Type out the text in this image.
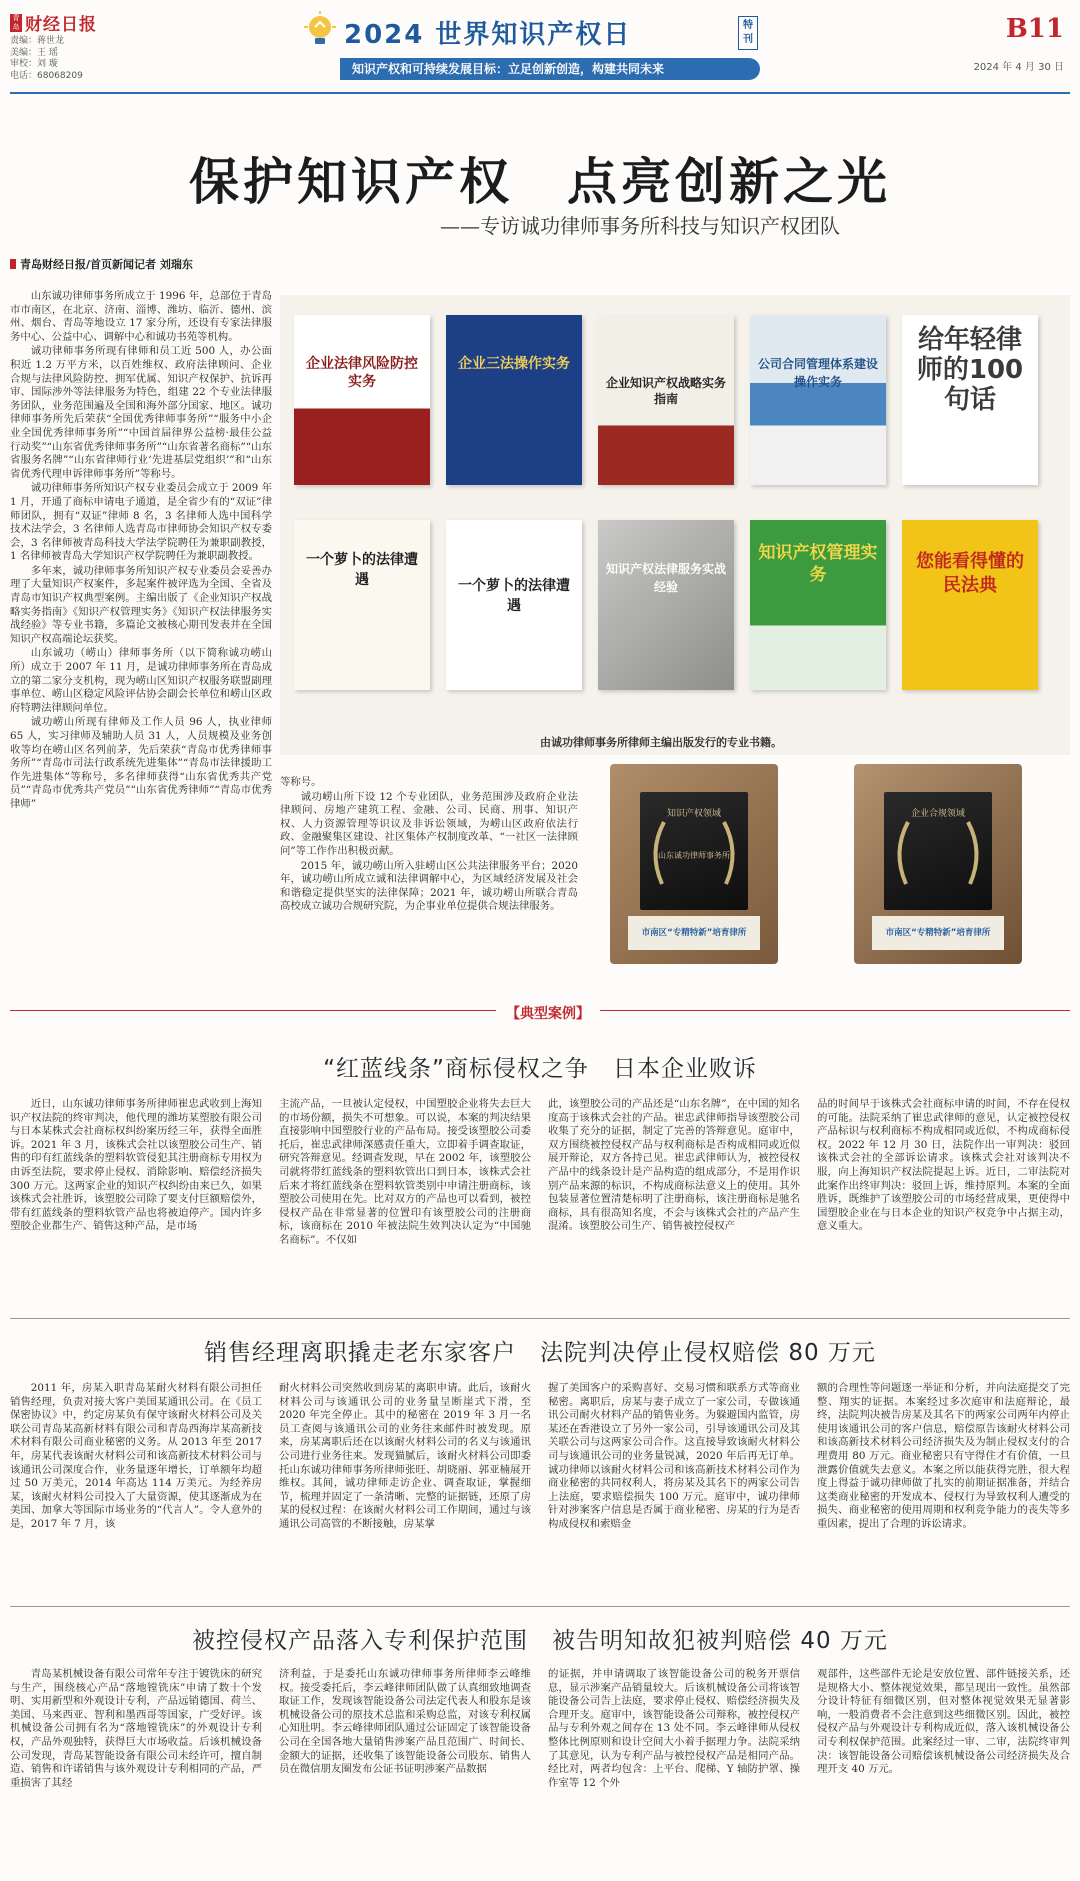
青岛 财经日报
责编：蒋世龙
美编：王 瑶
审校：刘 璇
电话：68068209
2024 世界知识产权日	特刊
知识产权和可持续发展目标：立足创新创造，构建共同未来
B11
2024 年 4 月 30 日
保护知识产权　点亮创新之光
——专访诚功律师事务所科技与知识产权团队
青岛财经日报/首页新闻记者 刘瑞东

山东诚功律师事务所成立于 1996 年，总部位于青岛市市南区，在北京、济南、淄博、潍坊、临沂、德州、滨州、烟台、青岛等地设立 17 家分所，还设有专家法律服务中心、公益中心、调解中心和诚功书苑等机构。

诚功律师事务所现有律师和员工近 500 人，办公面积近 1.2 万平方米，以百姓维权、政府法律顾问、企业合规与法律风险防控、拥军优属、知识产权保护、抗诉再审、国际涉外等法律服务为特色，组建 22 个专业法律服务团队，业务范围遍及全国和海外部分国家、地区。诚功律师事务所先后荣获“全国优秀律师事务所”“服务中小企业全国优秀律师事务所”“中国首届律界公益榜·最佳公益行动奖”“山东省优秀律师事务所”“山东省著名商标”“山东省服务名牌”“山东省律师行业‘先进基层党组织’”和“山东省优秀代理申诉律师事务所”等称号。

诚功律师事务所知识产权专业委员会成立于 2009 年 1 月，开通了商标申请电子通道，是全省少有的“双证”律师团队，拥有“双证”律师 8 名，3 名律师人选中国科学技术法学会，3 名律师人选青岛市律师协会知识产权专委会，3 名律师被青岛科技大学法学院聘任为兼职副教授，1 名律师被青岛大学知识产权学院聘任为兼职副教授。

多年来，诚功律师事务所知识产权专业委员会妥善办理了大量知识产权案件，多起案件被评选为全国、全省及青岛市知识产权典型案例。主编出版了《企业知识产权战略实务指南》《知识产权管理实务》《知识产权法律服务实战经验》等专业书籍，多篇论文被核心期刊发表并在全国知识产权高端论坛获奖。

山东诚功（崂山）律师事务所（以下简称诚功崂山所）成立于 2007 年 11 月，是诚功律师事务所在青岛成立的第二家分支机构，现为崂山区知识产权服务联盟副理事单位、崂山区稳定风险评估协会副会长单位和崂山区政府特聘法律顾问单位。

诚功崂山所现有律师及工作人员 96 人，执业律师 65 人，实习律师及辅助人员 31 人，人员规模及业务创收等均在崂山区名列前茅，先后荣获“青岛市优秀律师事务所”“青岛市司法行政系统先进集体”“青岛市法律援助工作先进集体”等称号，多名律师获得“山东省优秀共产党员”“青岛市优秀共产党员”“山东省优秀律师”“青岛市优秀律师”

企业法律风险防控实务
企业三法操作实务
企业知识产权战略实务指南
公司合同管理体系建设操作实务
给年轻律师的100句话
一个萝卜的法律遭遇	一个萝卜的法律遭遇
知识产权法律服务实战经验
知识产权管理实务
您能看得懂的民法典
由诚功律师事务所律师主编出版发行的专业书籍。

等称号。

诚功崂山所下设 12 个专业团队，业务范围涉及政府企业法律顾问、房地产建筑工程、金融、公司、民商、刑事、知识产权、人力资源管理等识议及非诉讼领域，为崂山区政府依法行政、金融聚集区建设、社区集体产权制度改革、“一社区一法律顾问”等工作作出积极贡献。

2015 年，诚功崂山所入驻崂山区公共法律服务平台；2020 年，诚功崂山所成立诚和法律调解中心，为区域经济发展及社会和谐稳定提供坚实的法律保障；2021 年，诚功崂山所联合青岛高校成立诚功合规研究院，为企事业单位提供合规法律服务。

知识产权领域
山东诚功律师事务所
市南区“专精特新”培育律所
企业合规领域
市南区“专精特新”培育律所
【典型案例】
“红蓝线条”商标侵权之争　日本企业败诉

近日，山东诚功律师事务所律师崔忠武收到上海知识产权法院的终审判决，他代理的潍坊某塑胶有限公司与日本某株式会社商标权纠纷案历经三年，获得全面胜诉。2021 年 3 月，该株式会社以该塑胶公司生产、销售的印有红蓝线条的塑料软管侵犯其注册商标专用权为由诉至法院，要求停止侵权、消除影响、赔偿经济损失 300 万元。这两家企业的知识产权纠纷由来已久，如果该株式会社胜诉，该塑胶公司除了要支付巨额赔偿外，带有红蓝线条的塑料软管产品也将被迫停产。国内许多塑胶企业都生产、销售这种产品，是市场

主流产品，一旦被认定侵权，中国塑胶企业将失去巨大的市场份额，损失不可想象。可以说，本案的判决结果直接影响中国塑胶行业的产品布局。接受该塑胶公司委托后，崔忠武律师深感责任重大，立即着手调查取证，研究答辩意见。经调查发现，早在 2002 年，该塑胶公司就将带红蓝线条的塑料软管出口到日本，该株式会社后来才将红蓝线条在塑料软管类别中申请注册商标，该塑胶公司使用在先。比对双方的产品也可以看到，被控侵权产品在非常显著的位置印有该塑胶公司的注册商标，该商标在 2010 年被法院生效判决认定为“中国驰名商标”。不仅如

此，该塑胶公司的产品还是“山东名牌”，在中国的知名度高于该株式会社的产品。崔忠武律师指导该塑胶公司收集了充分的证据，制定了完善的答辩意见。庭审中，双方围绕被控侵权产品与权利商标是否构成相同或近似展开辩论，双方各持己见。崔忠武律师认为，被控侵权产品中的线条设计是产品构造的组成部分，不是用作识别产品来源的标识，不构成商标法意义上的使用。其外包装显著位置清楚标明了注册商标，该注册商标是驰名商标，具有很高知名度，不会与该株式会社的产品产生混淆。该塑胶公司生产、销售被控侵权产

品的时间早于该株式会社商标申请的时间，不存在侵权的可能。法院采纳了崔忠武律师的意见，认定被控侵权产品标识与权利商标不构成相同或近似，不构成商标侵权。2022 年 12 月 30 日，法院作出一审判决：驳回该株式会社的全部诉讼请求。该株式会社对该判决不服，向上海知识产权法院提起上诉。近日，二审法院对此案作出终审判决：驳回上诉，维持原判。本案的全面胜诉，既维护了该塑胶公司的市场经营成果，更使得中国塑胶企业在与日本企业的知识产权竞争中占据主动，意义重大。

销售经理离职撬走老东家客户　法院判决停止侵权赔偿 80 万元

2011 年，房某入职青岛某耐火材料有限公司担任销售经理，负责对接大客户美国某通讯公司。在《员工保密协议》中，约定房某负有保守该耐火材料公司及关联公司青岛某高新材料有限公司和青岛西海岸某高新技术材料有限公司商业秘密的义务。从 2013 年至 2017 年，房某代表该耐火材料公司和该高新技术材料公司与该通讯公司深度合作，业务量逐年增长，订单额年均超过 50 万美元，2014 年高达 114 万美元。为经养房某，该耐火材料公司投入了大量资源，使其逐渐成为在美国、加拿大等国际市场业务的“代言人”。令人意外的是，2017 年 7 月，该

耐火材料公司突然收到房某的离职申请。此后，该耐火材料公司与该通讯公司的业务量呈断崖式下滑，至 2020 年完全停止。其中的秘密在 2019 年 3 月一名员工查阅与该通讯公司的业务往来邮件时被发现。原来，房某离职后还在以该耐火材料公司的名义与该通讯公司进行业务往来。发现猫腻后，该耐火材料公司即委托山东诚功律师事务所律师张旺、胡晓丽、郭亚楠展开维权。其间，诚功律师走访企业、调查取证，掌握细节，梳理并固定了一条清晰、完整的证据链，还原了房某的侵权过程：在该耐火材料公司工作期间，通过与该通讯公司高管的不断接触，房某掌

握了美国客户的采购喜好、交易习惯和联系方式等商业秘密。离职后，房某与妻子成立了一家公司，专做该通讯公司耐火材料产品的销售业务。为躲避国内监管，房某还在香港设立了另外一家公司，引导该通讯公司及其关联公司与这两家公司合作。这直接导致该耐火材料公司与该通讯公司的业务量锐减，2020 年后再无订单。诚功律师以该耐火材料公司和该高新技术材料公司作为商业秘密的共同权利人，将房某及其名下的两家公司告上法庭，要求赔偿损失 100 万元。庭审中，诚功律师针对涉案客户信息是否属于商业秘密、房某的行为是否构成侵权和索赔金

额的合理性等问题逐一举证和分析，并向法庭提交了完整、翔实的证据。本案经过多次庭审和法庭辩论，最终，法院判决被告房某及其名下的两家公司两年内停止使用该通讯公司的客户信息，赔偿原告该耐火材料公司和该高新技术材料公司经济损失及为制止侵权支付的合理费用 80 万元。商业秘密只有守得住才有价值，一旦泄露价值就失去意义。本案之所以能获得完胜，很大程度上得益于诚功律师做了扎实的前期证据准备，并结合这类商业秘密的开发成本、侵权行为导致权利人遭受的损失、商业秘密的使用周期和权利竞争能力的丧失等多重因素，提出了合理的诉讼请求。

被控侵权产品落入专利保护范围　被告明知故犯被判赔偿 40 万元

青岛某机械设备有限公司常年专注于镀铣床的研究与生产，围绕核心产品“落地镗铣床”申请了数十个发明、实用新型和外观设计专利，产品远销德国、荷兰、美国、马来西亚、智利和墨西哥等国家，广受好评。该机械设备公司拥有名为“落地镗铣床”的外观设计专利权，产品外观独特，获得巨大市场收益。后该机械设备公司发现，青岛某智能设备有限公司未经许可，擅自制造、销售和许诺销售与该外观设计专利相同的产品，严重损害了其经

济利益，于是委托山东诚功律师事务所律师李云峰维权。接受委托后，李云峰律师团队做了认真细致地调查取证工作，发现该智能设备公司法定代表人和股东是该机械设备公司的原技术总监和采购总监，对该专利权属心知肚明。李云峰律师团队通过公证固定了该智能设备公司在全国各地大量销售涉案产品且范围广、时间长、金额大的证据，还收集了该智能设备公司股东、销售人员在微信朋友圈发布公证书证明涉案产品数据

的证据，并申请调取了该智能设备公司的税务开票信息，显示涉案产品销量较大。后该机械设备公司将该智能设备公司告上法庭，要求停止侵权、赔偿经济损失及合理开支。庭审中，该智能设备公司辩称，被控侵权产品与专利外观之间存在 13 处不同。李云峰律师从侵权整体比例原则和设计空间大小着手据理力争。法院采纳了其意见，认为专利产品与被控侵权产品是相同产品。经比对，两者均包含：上平台、爬梯、Y 轴防护罩、操作室等 12 个外

观部件，这些部件无论是安放位置、部件链接关系，还是规格大小、整体视觉效果，都呈现出一致性。虽然部分设计特征有细微区别，但对整体视觉效果无显著影响，一般消费者不会注意到这些细微区别。因此，被控侵权产品与外观设计专利构成近似，落入该机械设备公司专利权保护范围。此案经过一审、二审，法院终审判决：该智能设备公司赔偿该机械设备公司经济损失及合理开支 40 万元。
